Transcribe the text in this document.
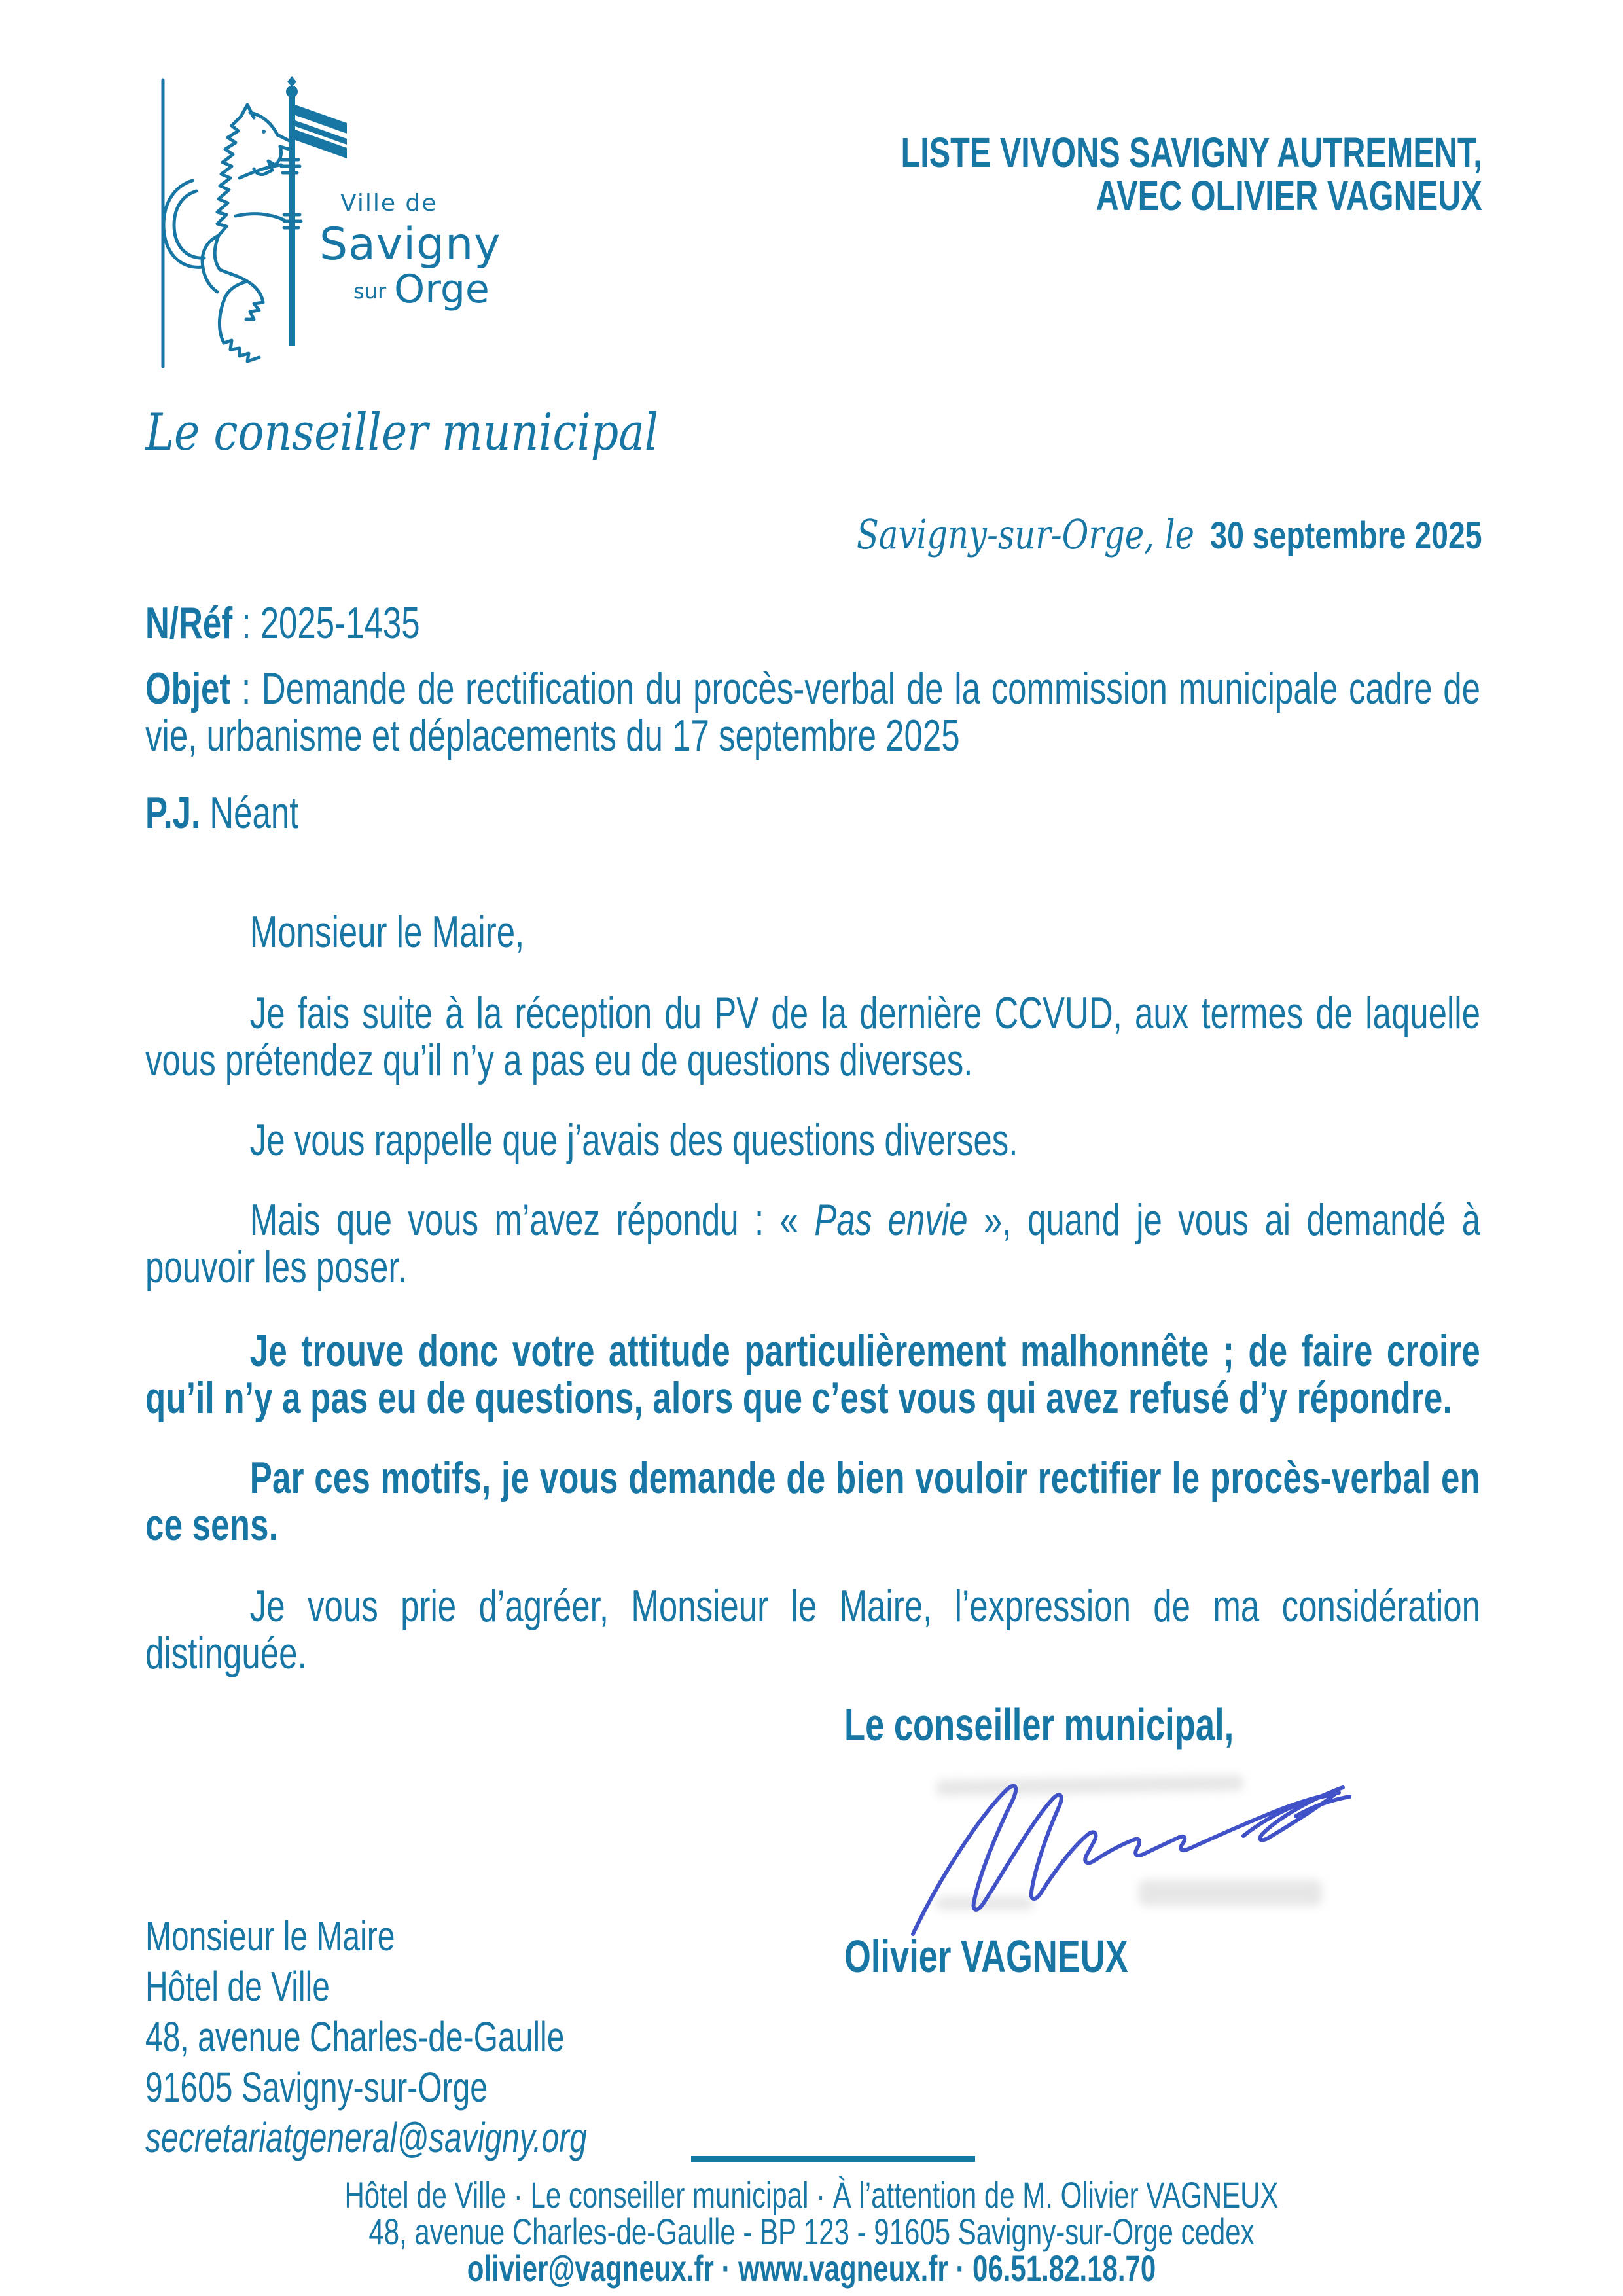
Ville de
Savigny
sur Orge
LISTE VIVONS SAVIGNY AUTREMENT,
AVEC OLIVIER VAGNEUX
Le conseiller municipal
Savigny-sur-Orge, le 30 septembre 2025
N/Réf : 2025-1435
Objet : Demande de rectification du procès-verbal de la commission municipale cadre de vie, urbanisme et déplacements du 17 septembre 2025
P.J. Néant

Monsieur le Maire,

Je fais suite à la réception du PV de la dernière CCVUD, aux termes de laquelle vous prétendez qu’il n’y a pas eu de questions diverses.

Je vous rappelle que j’avais des questions diverses.

Mais que vous m’avez répondu : « Pas envie », quand je vous ai demandé à pouvoir les poser.

Je trouve donc votre attitude particulièrement malhonnête ; de faire croire qu’il n’y a pas eu de questions, alors que c’est vous qui avez refusé d’y répondre.

Par ces motifs, je vous demande de bien vouloir rectifier le procès-verbal en ce sens.

Je vous prie d’agréer, Monsieur le Maire, l’expression de ma considération distinguée.

Le conseiller municipal,
Olivier VAGNEUX
Monsieur le Maire
Hôtel de Ville
48, avenue Charles-de-Gaulle
91605 Savigny-sur-Orge
secretariatgeneral@savigny.org
Hôtel de Ville · Le conseiller municipal · À l’attention de M. Olivier VAGNEUX
48, avenue Charles-de-Gaulle - BP 123 - 91605 Savigny-sur-Orge cedex
olivier@vagneux.fr · www.vagneux.fr · 06.51.82.18.70
